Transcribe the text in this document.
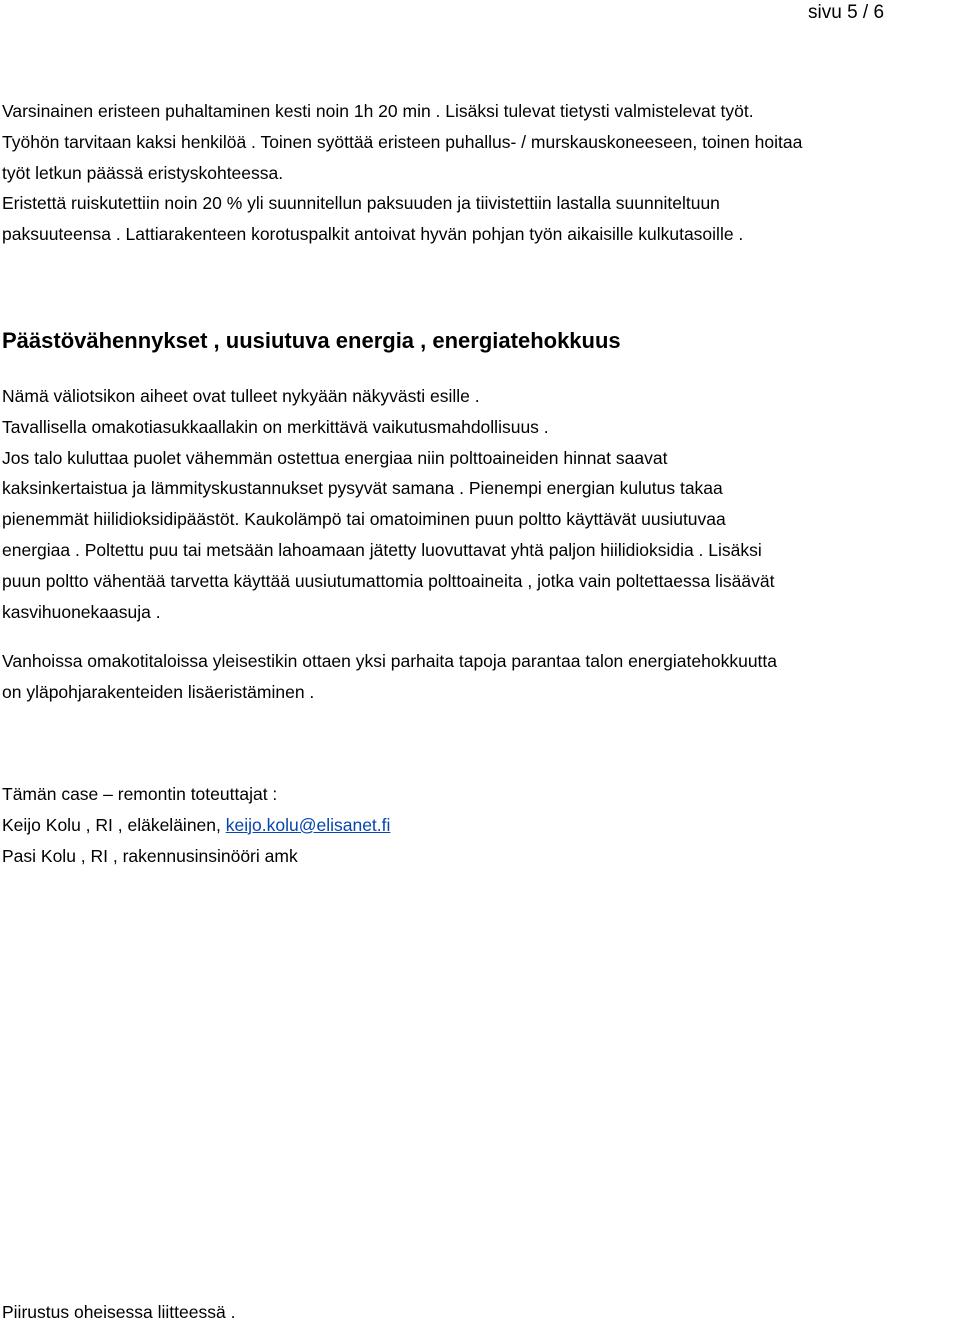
sivu 5 / 6

Varsinainen eristeen puhaltaminen kesti noin 1h 20 min . Lisäksi tulevat tietysti valmistelevat työt.
Työhön tarvitaan kaksi henkilöä . Toinen syöttää eristeen puhallus- / murskauskoneeseen, toinen hoitaa
työt letkun päässä eristyskohteessa.
Eristettä ruiskutettiin noin 20 % yli suunnitellun paksuuden ja tiivistettiin lastalla suunniteltuun
paksuuteensa . Lattiarakenteen korotuspalkit antoivat hyvän pohjan työn aikaisille kulkutasoille .

Päästövähennykset , uusiutuva energia , energiatehokkuus

Nämä väliotsikon aiheet ovat tulleet nykyään näkyvästi esille .
Tavallisella omakotiasukkaallakin on merkittävä vaikutusmahdollisuus .
Jos talo kuluttaa puolet vähemmän ostettua energiaa niin polttoaineiden hinnat saavat
kaksinkertaistua ja lämmityskustannukset pysyvät samana . Pienempi energian kulutus takaa
pienemmät hiilidioksidipäästöt. Kaukolämpö tai omatoiminen puun poltto käyttävät uusiutuvaa
energiaa . Poltettu puu tai metsään lahoamaan jätetty luovuttavat yhtä paljon hiilidioksidia . Lisäksi
puun poltto vähentää tarvetta käyttää uusiutumattomia polttoaineita , jotka vain poltettaessa lisäävät
kasvihuonekaasuja .

Vanhoissa omakotitaloissa yleisestikin ottaen yksi parhaita tapoja parantaa talon energiatehokkuutta
on yläpohjarakenteiden lisäeristäminen .

Tämän case – remontin toteuttajat :
Keijo Kolu , RI , eläkeläinen, keijo.kolu@elisanet.fi
Pasi Kolu , RI , rakennusinsinööri amk

Piirustus oheisessa liitteessä .
